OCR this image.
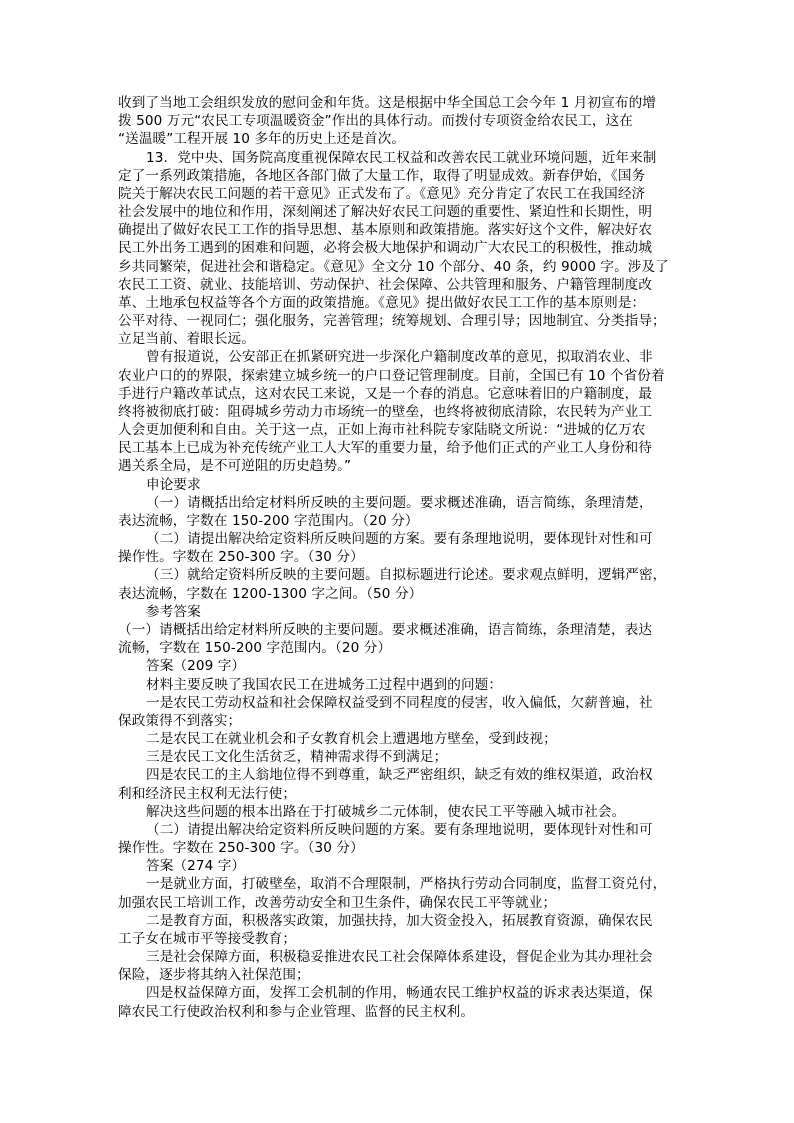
收到了当地工会组织发放的慰问金和年货。这是根据中华全国总工会今年 1 月初宣布的增
拨 500 万元“农民工专项温暖资金”作出的具体行动。而拨付专项资金给农民工，这在
“送温暖”工程开展 10 多年的历史上还是首次。
13．党中央、国务院高度重视保障农民工权益和改善农民工就业环境问题，近年来制
定了一系列政策措施，各地区各部门做了大量工作，取得了明显成效。新春伊始，《国务
院关于解决农民工问题的若干意见》正式发布了。《意见》充分肯定了农民工在我国经济
社会发展中的地位和作用，深刻阐述了解决好农民工问题的重要性、紧迫性和长期性，明
确提出了做好农民工工作的指导思想、基本原则和政策措施。落实好这个文件，解决好农
民工外出务工遇到的困难和问题，必将会极大地保护和调动广大农民工的积极性，推动城
乡共同繁荣，促进社会和谐稳定。《意见》全文分 10 个部分、40 条，约 9000 字。涉及了
农民工工资、就业、技能培训、劳动保护、社会保障、公共管理和服务、户籍管理制度改
革、土地承包权益等各个方面的政策措施。《意见》提出做好农民工工作的基本原则是：
公平对待、一视同仁；强化服务，完善管理；统筹规划、合理引导；因地制宜、分类指导；
立足当前、着眼长远。
曾有报道说，公安部正在抓紧研究进一步深化户籍制度改革的意见，拟取消农业、非
农业户口的的界限，探索建立城乡统一的户口登记管理制度。目前，全国已有 10 个省份着
手进行户籍改革试点，这对农民工来说，又是一个春的消息。它意味着旧的户籍制度，最
终将被彻底打破：阻碍城乡劳动力市场统一的壁垒，也终将被彻底清除，农民转为产业工
人会更加便利和自由。关于这一点，正如上海市社科院专家陆晓文所说：“进城的亿万农
民工基本上已成为补充传统产业工人大军的重要力量，给予他们正式的产业工人身份和待
遇关系全局，是不可逆阻的历史趋势。”
申论要求
（一）请概括出给定材料所反映的主要问题。要求概述准确，语言简练，条理清楚，
表达流畅，字数在 150-200 字范围内。（20 分）
（二）请提出解决给定资料所反映问题的方案。要有条理地说明，要体现针对性和可
操作性。字数在 250-300 字。（30 分）
（三）就给定资料所反映的主要问题。自拟标题进行论述。要求观点鲜明，逻辑严密，
表达流畅，字数在 1200-1300 字之间。（50 分）
参考答案
（一）请概括出给定材料所反映的主要问题。要求概述准确，语言简练，条理清楚，表达
流畅，字数在 150-200 字范围内。（20 分）
答案（209 字）
材料主要反映了我国农民工在进城务工过程中遇到的问题：
一是农民工劳动权益和社会保障权益受到不同程度的侵害，收入偏低，欠薪普遍，社
保政策得不到落实；
二是农民工在就业机会和子女教育机会上遭遇地方壁垒，受到歧视；
三是农民工文化生活贫乏，精神需求得不到满足；
四是农民工的主人翁地位得不到尊重，缺乏严密组织，缺乏有效的维权渠道，政治权
利和经济民主权利无法行使；
解决这些问题的根本出路在于打破城乡二元体制，使农民工平等融入城市社会。
（二）请提出解决给定资料所反映问题的方案。要有条理地说明，要体现针对性和可
操作性。字数在 250-300 字。（30 分）
答案（274 字）
一是就业方面，打破壁垒，取消不合理限制，严格执行劳动合同制度，监督工资兑付，
加强农民工培训工作，改善劳动安全和卫生条件，确保农民工平等就业；
二是教育方面，积极落实政策，加强扶持，加大资金投入，拓展教育资源，确保农民
工子女在城市平等接受教育；
三是社会保障方面，积极稳妥推进农民工社会保障体系建设，督促企业为其办理社会
保险，逐步将其纳入社保范围；
四是权益保障方面，发挥工会机制的作用，畅通农民工维护权益的诉求表达渠道，保
障农民工行使政治权利和参与企业管理、监督的民主权利。
